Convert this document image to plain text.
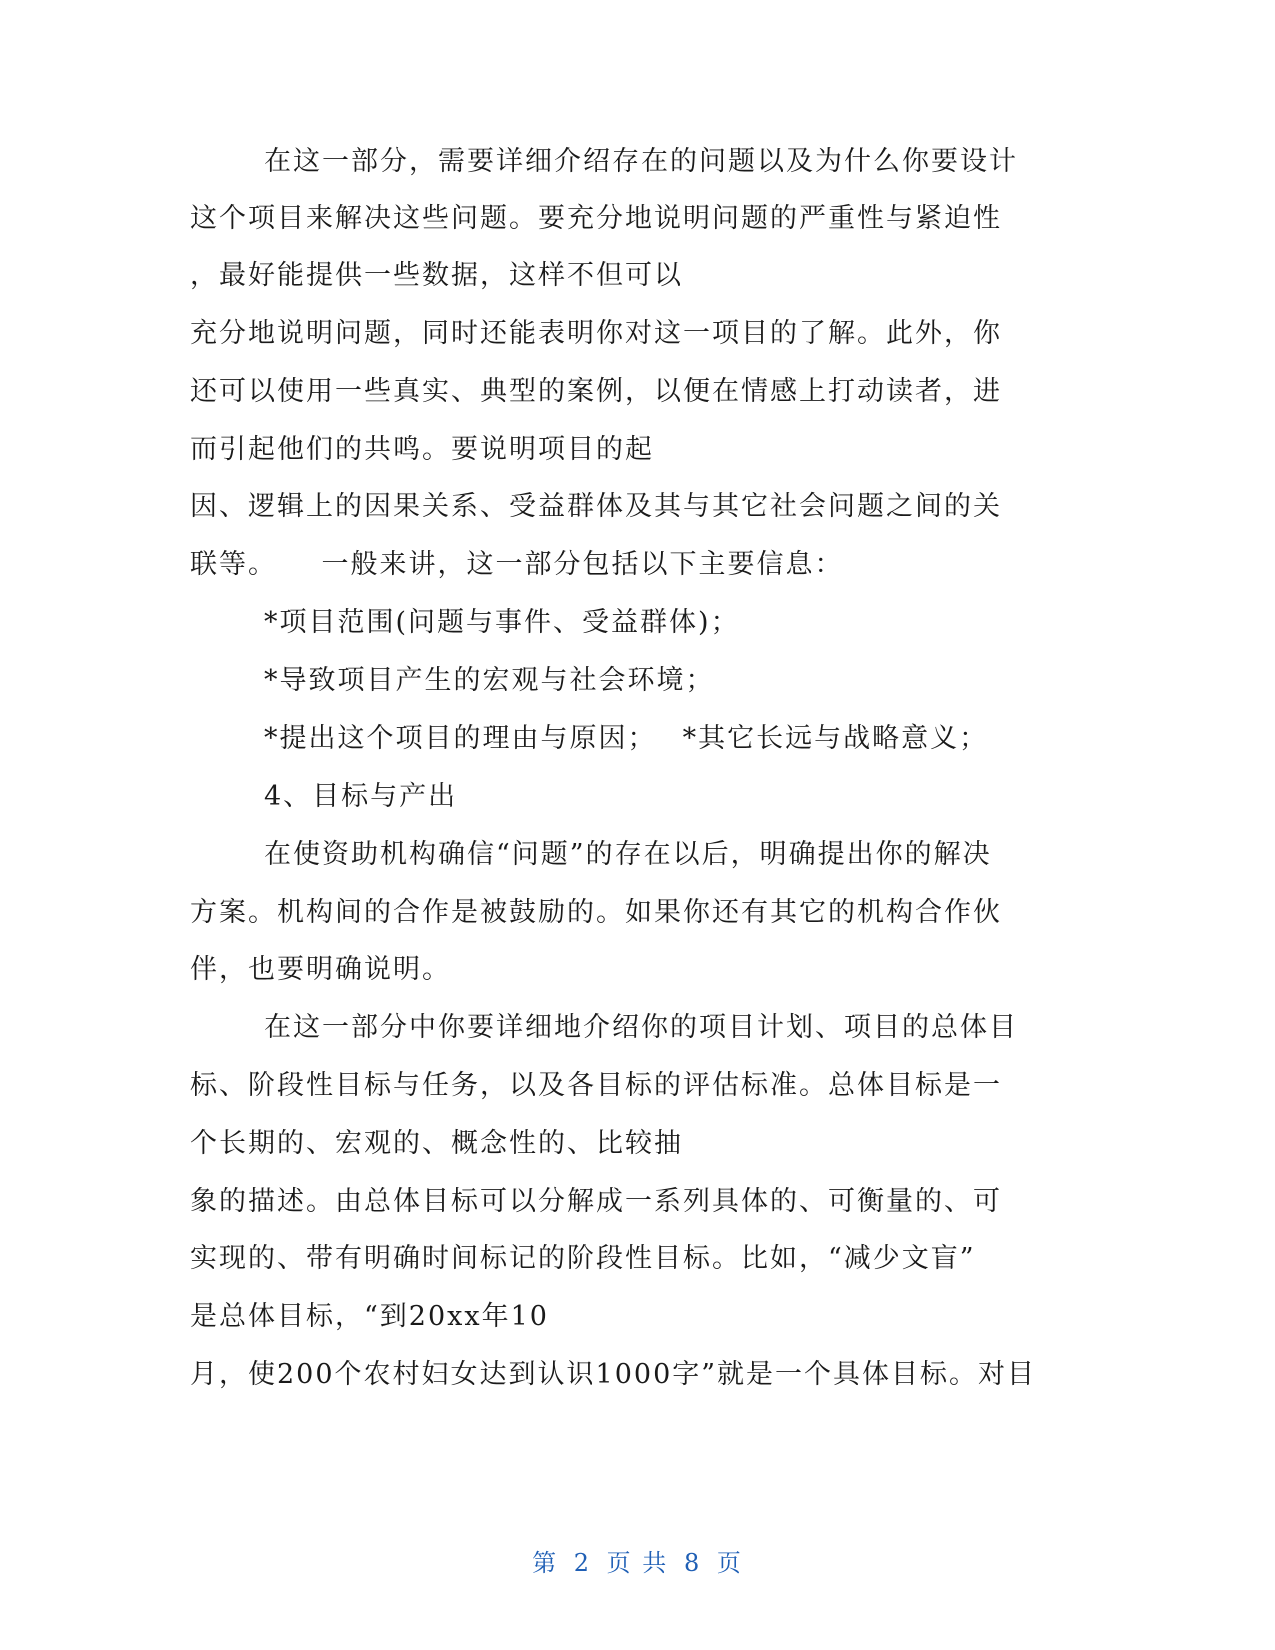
在这一部分，需要详细介绍存在的问题以及为什么你要设计
这个项目来解决这些问题。要充分地说明问题的严重性与紧迫性
，最好能提供一些数据，这样不但可以
充分地说明问题，同时还能表明你对这一项目的了解。此外，你
还可以使用一些真实、典型的案例，以便在情感上打动读者，进
而引起他们的共鸣。要说明项目的起
因、逻辑上的因果关系、受益群体及其与其它社会问题之间的关
联等。　　一般来讲，这一部分包括以下主要信息：
*项目范围(问题与事件、受益群体)；
*导致项目产生的宏观与社会环境；
*提出这个项目的理由与原因；　 *其它长远与战略意义；
4、目标与产出
在使资助机构确信“问题”的存在以后，明确提出你的解决
方案。机构间的合作是被鼓励的。如果你还有其它的机构合作伙
伴，也要明确说明。
在这一部分中你要详细地介绍你的项目计划、项目的总体目
标、阶段性目标与任务，以及各目标的评估标准。总体目标是一
个长期的、宏观的、概念性的、比较抽
象的描述。由总体目标可以分解成一系列具体的、可衡量的、可
实现的、带有明确时间标记的阶段性目标。比如，“减少文盲”
是总体目标，“到20xx年10
月，使200个农村妇女达到认识1000字”就是一个具体目标。对目
第 2 页 共 8 页
